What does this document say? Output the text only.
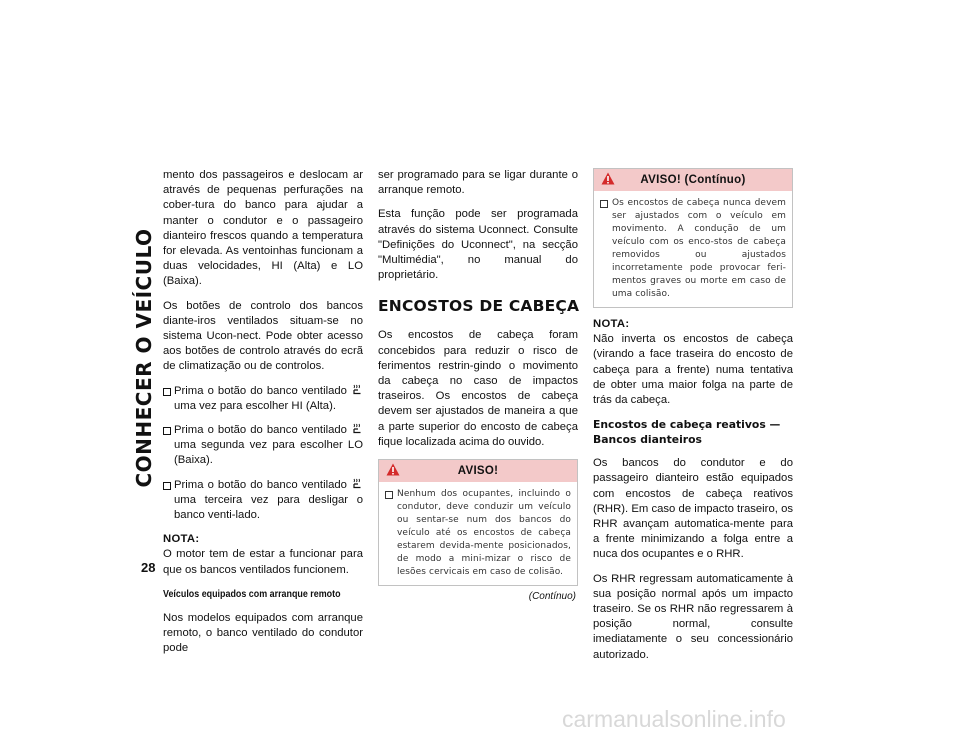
CONHECER O VEÍCULO
28

mento dos passageiros e deslocam ar através de pequenas perfurações na cober-tura do banco para ajudar a manter o condutor e o passageiro dianteiro frescos quando a temperatura for elevada. As ventoinhas funcionam a duas velocidades, HI (Alta) e LO (Baixa).

Os botões de controlo dos bancos diante-iros ventilados situam-se no sistema Ucon-nect. Pode obter acesso aos botões de controlo através do ecrã de climatização ou de controlos.

Prima o botão do banco ventilado  uma vez para escolher HI (Alta).
Prima o botão do banco ventilado  uma segunda vez para escolher LO (Baixa).
Prima o botão do banco ventilado  uma terceira vez para desligar o banco venti-lado.
NOTA:

O motor tem de estar a funcionar para que os bancos ventilados funcionem.

Veículos equipados com arranque remoto

Nos modelos equipados com arranque remoto, o banco ventilado do condutor pode

ser programado para se ligar durante o arranque remoto.

Esta função pode ser programada através do sistema Uconnect. Consulte "Definições do Uconnect", na secção "Multimédia", no manual do proprietário.

ENCOSTOS DE CABEÇA

Os encostos de cabeça foram concebidos para reduzir o risco de ferimentos restrin-gindo o movimento da cabeça no caso de impactos traseiros. Os encostos de cabeça devem ser ajustados de maneira a que a parte superior do encosto de cabeça fique localizada acima do ouvido.

AVISO!
Nenhum dos ocupantes, incluindo o condutor, deve conduzir um veículo ou sentar-se num dos bancos do veículo até os encostos de cabeça estarem devida-mente posicionados, de modo a mini-mizar o risco de lesões cervicais em caso de colisão.
(Contínuo)
AVISO! (Contínuo)
Os encostos de cabeça nunca devem ser ajustados com o veículo em movimento. A condução de um veículo com os enco-stos de cabeça removidos ou ajustados incorretamente pode provocar feri-mentos graves ou morte em caso de uma colisão.
NOTA:

Não inverta os encostos de cabeça (virando a face traseira do encosto de cabeça para a frente) numa tentativa de obter uma maior folga na parte de trás da cabeça.

Encostos de cabeça reativos — Bancos dianteiros

Os bancos do condutor e do passageiro dianteiro estão equipados com encostos de cabeça reativos (RHR). Em caso de impacto traseiro, os RHR avançam automatica-mente para a frente minimizando a folga entre a nuca dos ocupantes e o RHR.

Os RHR regressam automaticamente à sua posição normal após um impacto traseiro. Se os RHR não regressarem à posição normal, consulte imediatamente o seu concessionário autorizado.

carmanualsonline.info
